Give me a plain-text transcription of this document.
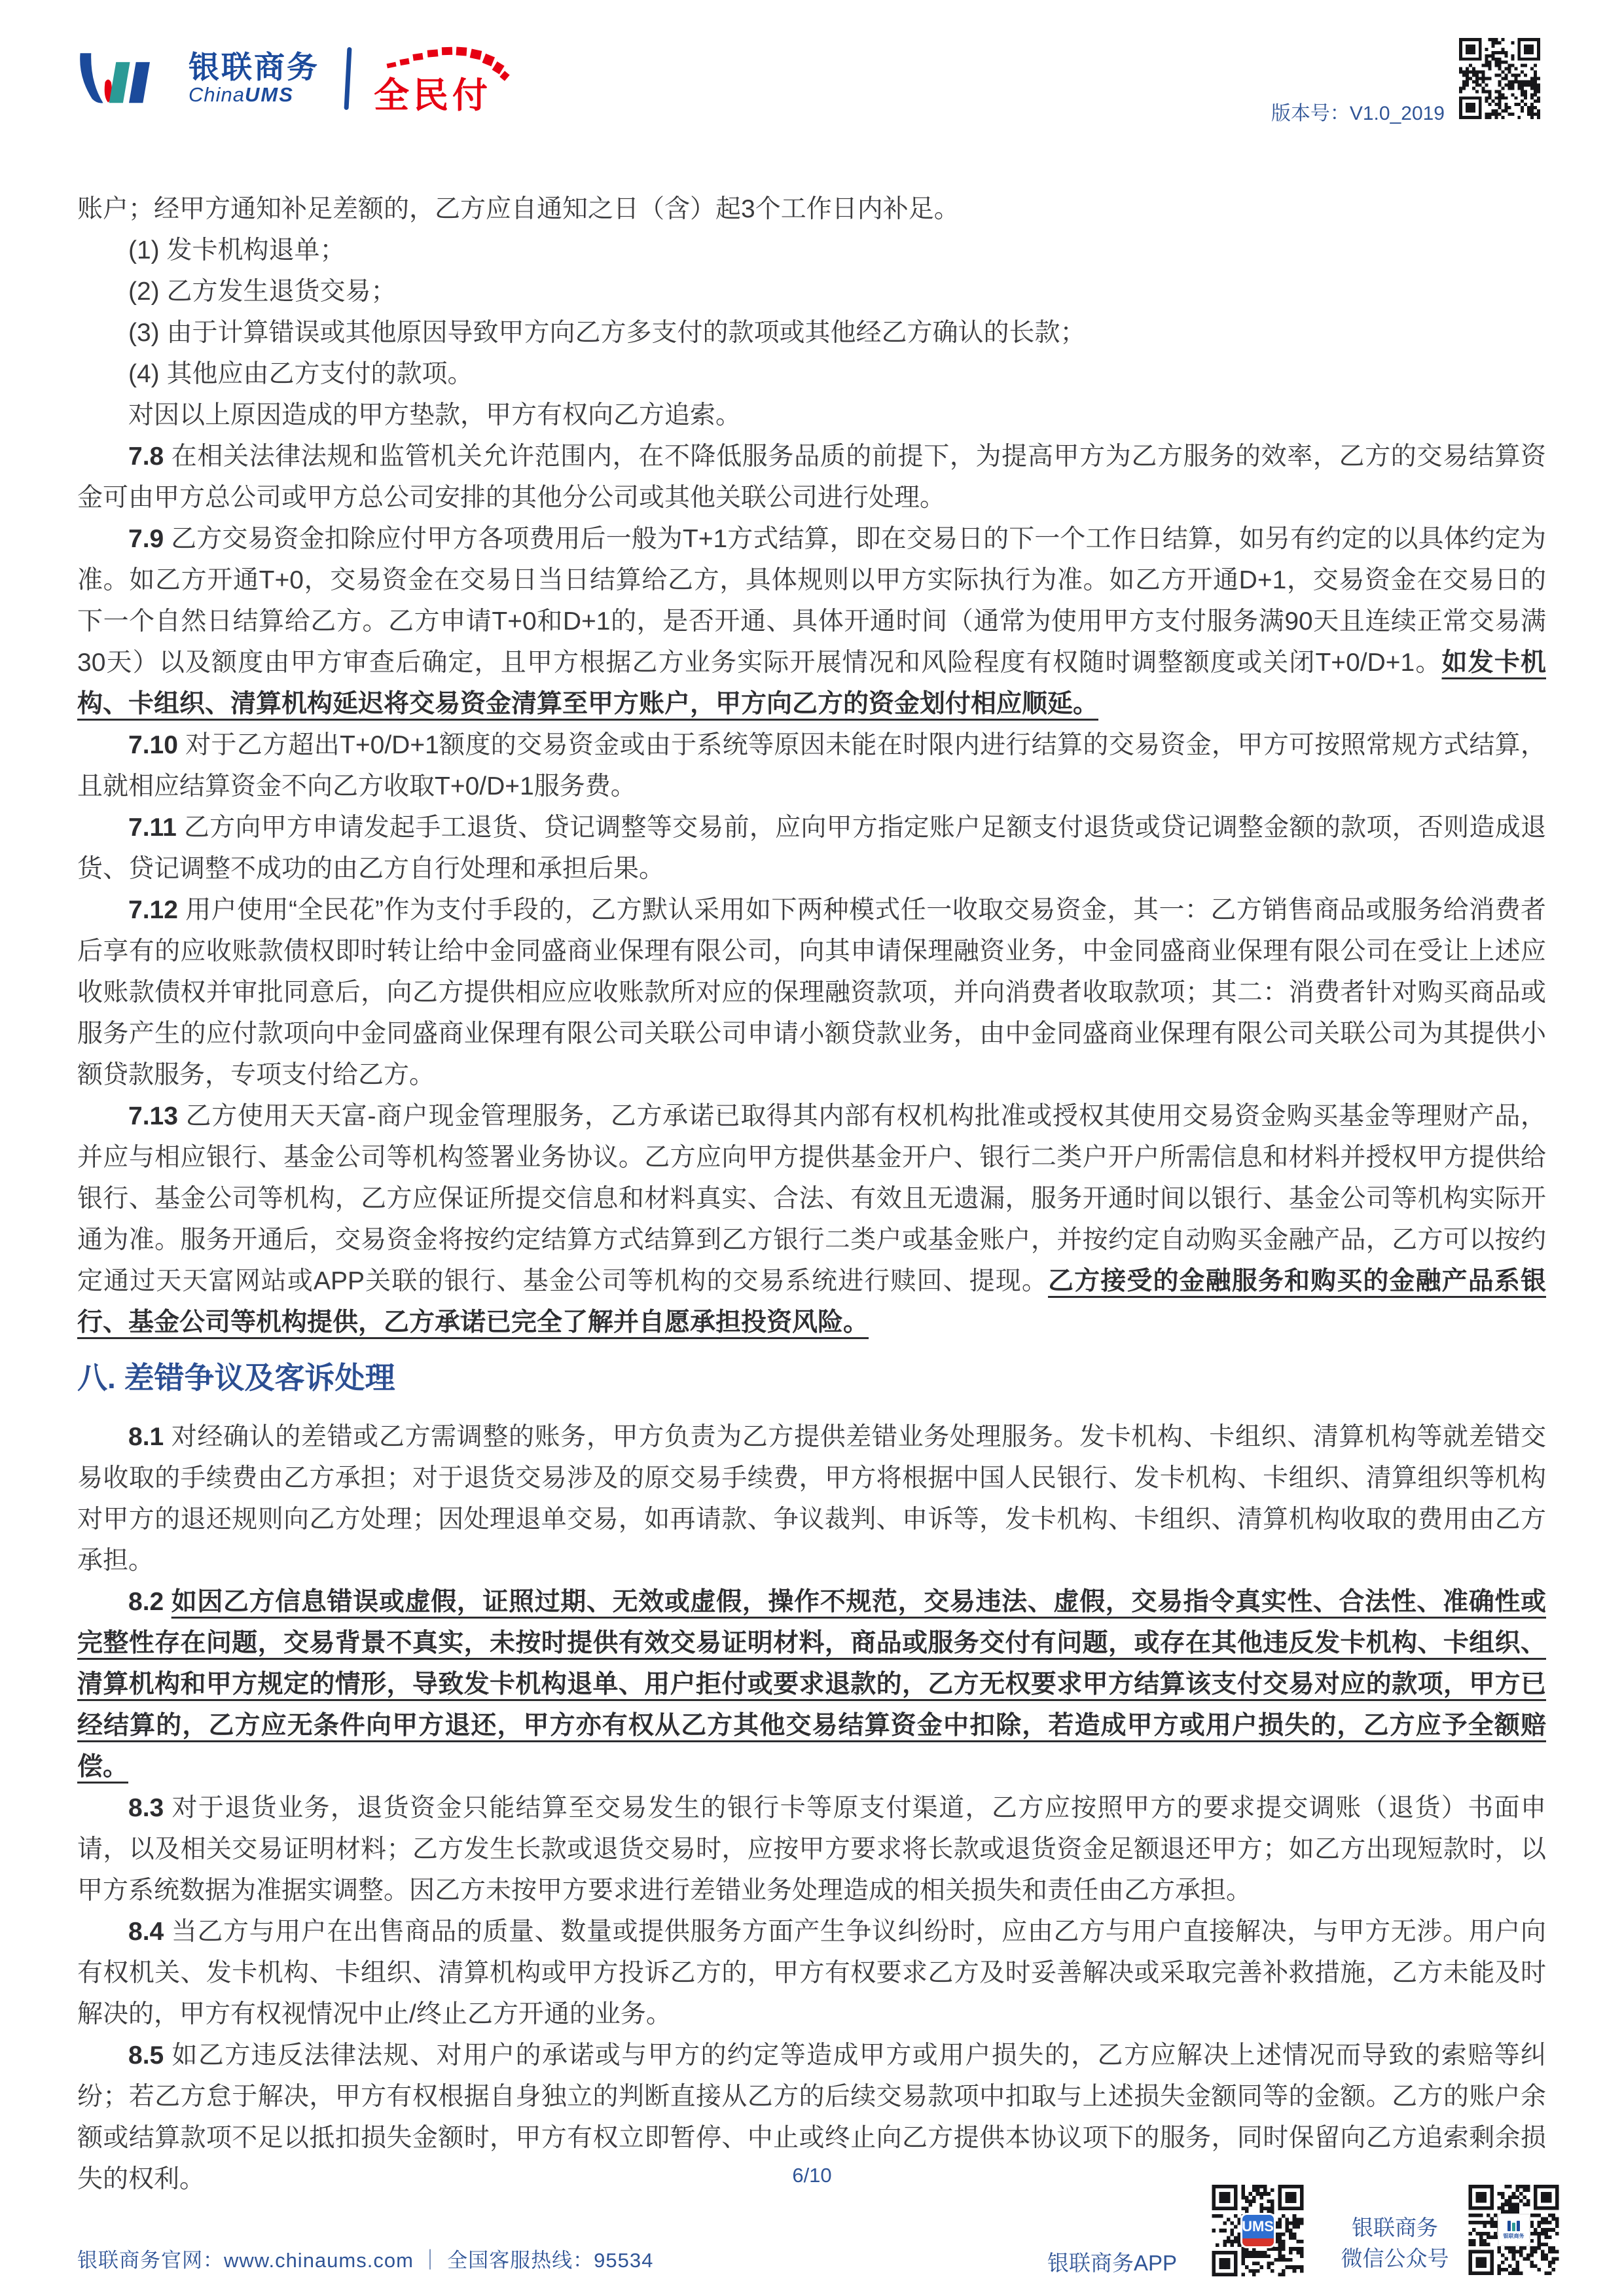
银联商务
ChinaUMS	全民付	版本号：V1.0_2019
账户；经甲方通知补足差额的，乙方应自通知之日（含）起3个工作日内补足。
(1) 发卡机构退单；
(2) 乙方发生退货交易；
(3) 由于计算错误或其他原因导致甲方向乙方多支付的款项或其他经乙方确认的长款；
(4) 其他应由乙方支付的款项。
对因以上原因造成的甲方垫款，甲方有权向乙方追索。
7.8 在相关法律法规和监管机关允许范围内，在不降低服务品质的前提下，为提高甲方为乙方服务的效率，乙方的交易结算资金可由甲方总公司或甲方总公司安排的其他分公司或其他关联公司进行处理。
7.9 乙方交易资金扣除应付甲方各项费用后一般为T+1方式结算，即在交易日的下一个工作日结算，如另有约定的以具体约定为准。如乙方开通T+0，交易资金在交易日当日结算给乙方，具体规则以甲方实际执行为准。如乙方开通D+1，交易资金在交易日的下一个自然日结算给乙方。乙方申请T+0和D+1的，是否开通、具体开通时间（通常为使用甲方支付服务满90天且连续正常交易满30天）以及额度由甲方审查后确定，且甲方根据乙方业务实际开展情况和风险程度有权随时调整额度或关闭T+0/D+1。如发卡机构、卡组织、清算机构延迟将交易资金清算至甲方账户，甲方向乙方的资金划付相应顺延。
7.10 对于乙方超出T+0/D+1额度的交易资金或由于系统等原因未能在时限内进行结算的交易资金，甲方可按照常规方式结算，且就相应结算资金不向乙方收取T+0/D+1服务费。
7.11 乙方向甲方申请发起手工退货、贷记调整等交易前，应向甲方指定账户足额支付退货或贷记调整金额的款项，否则造成退货、贷记调整不成功的由乙方自行处理和承担后果。
7.12 用户使用“全民花”作为支付手段的，乙方默认采用如下两种模式任一收取交易资金，其一：乙方销售商品或服务给消费者后享有的应收账款债权即时转让给中金同盛商业保理有限公司，向其申请保理融资业务，中金同盛商业保理有限公司在受让上述应收账款债权并审批同意后，向乙方提供相应应收账款所对应的保理融资款项，并向消费者收取款项；其二：消费者针对购买商品或服务产生的应付款项向中金同盛商业保理有限公司关联公司申请小额贷款业务，由中金同盛商业保理有限公司关联公司为其提供小额贷款服务，专项支付给乙方。
7.13 乙方使用天天富-商户现金管理服务，乙方承诺已取得其内部有权机构批准或授权其使用交易资金购买基金等理财产品，并应与相应银行、基金公司等机构签署业务协议。乙方应向甲方提供基金开户、银行二类户开户所需信息和材料并授权甲方提供给银行、基金公司等机构，乙方应保证所提交信息和材料真实、合法、有效且无遗漏，服务开通时间以银行、基金公司等机构实际开通为准。服务开通后，交易资金将按约定结算方式结算到乙方银行二类户或基金账户，并按约定自动购买金融产品，乙方可以按约定通过天天富网站或APP关联的银行、基金公司等机构的交易系统进行赎回、提现。乙方接受的金融服务和购买的金融产品系银行、基金公司等机构提供，乙方承诺已完全了解并自愿承担投资风险。
八. 差错争议及客诉处理
8.1 对经确认的差错或乙方需调整的账务，甲方负责为乙方提供差错业务处理服务。发卡机构、卡组织、清算机构等就差错交易收取的手续费由乙方承担；对于退货交易涉及的原交易手续费，甲方将根据中国人民银行、发卡机构、卡组织、清算组织等机构对甲方的退还规则向乙方处理；因处理退单交易，如再请款、争议裁判、申诉等，发卡机构、卡组织、清算机构收取的费用由乙方承担。
8.2 如因乙方信息错误或虚假，证照过期、无效或虚假，操作不规范，交易违法、虚假，交易指令真实性、合法性、准确性或完整性存在问题，交易背景不真实，未按时提供有效交易证明材料，商品或服务交付有问题，或存在其他违反发卡机构、卡组织、清算机构和甲方规定的情形，导致发卡机构退单、用户拒付或要求退款的，乙方无权要求甲方结算该支付交易对应的款项，甲方已经结算的，乙方应无条件向甲方退还，甲方亦有权从乙方其他交易结算资金中扣除，若造成甲方或用户损失的，乙方应予全额赔偿。
8.3 对于退货业务，退货资金只能结算至交易发生的银行卡等原支付渠道，乙方应按照甲方的要求提交调账（退货）书面申请，以及相关交易证明材料；乙方发生长款或退货交易时，应按甲方要求将长款或退货资金足额退还甲方；如乙方出现短款时，以甲方系统数据为准据实调整。因乙方未按甲方要求进行差错业务处理造成的相关损失和责任由乙方承担。
8.4 当乙方与用户在出售商品的质量、数量或提供服务方面产生争议纠纷时，应由乙方与用户直接解决，与甲方无涉。用户向有权机关、发卡机构、卡组织、清算机构或甲方投诉乙方的，甲方有权要求乙方及时妥善解决或采取完善补救措施，乙方未能及时解决的，甲方有权视情况中止/终止乙方开通的业务。
8.5 如乙方违反法律法规、对用户的承诺或与甲方的约定等造成甲方或用户损失的，乙方应解决上述情况而导致的索赔等纠纷；若乙方怠于解决，甲方有权根据自身独立的判断直接从乙方的后续交易款项中扣取与上述损失金额同等的金额。乙方的账户余额或结算款项不足以抵扣损失金额时，甲方有权立即暂停、中止或终止向乙方提供本协议项下的服务，同时保留向乙方追索剩余损失的权利。	6/10
银联商务官网：www.chinaums.com ｜ 全国客服热线：95534	银联商务APP
UMS	银联商务
微信公众号
银联商务
